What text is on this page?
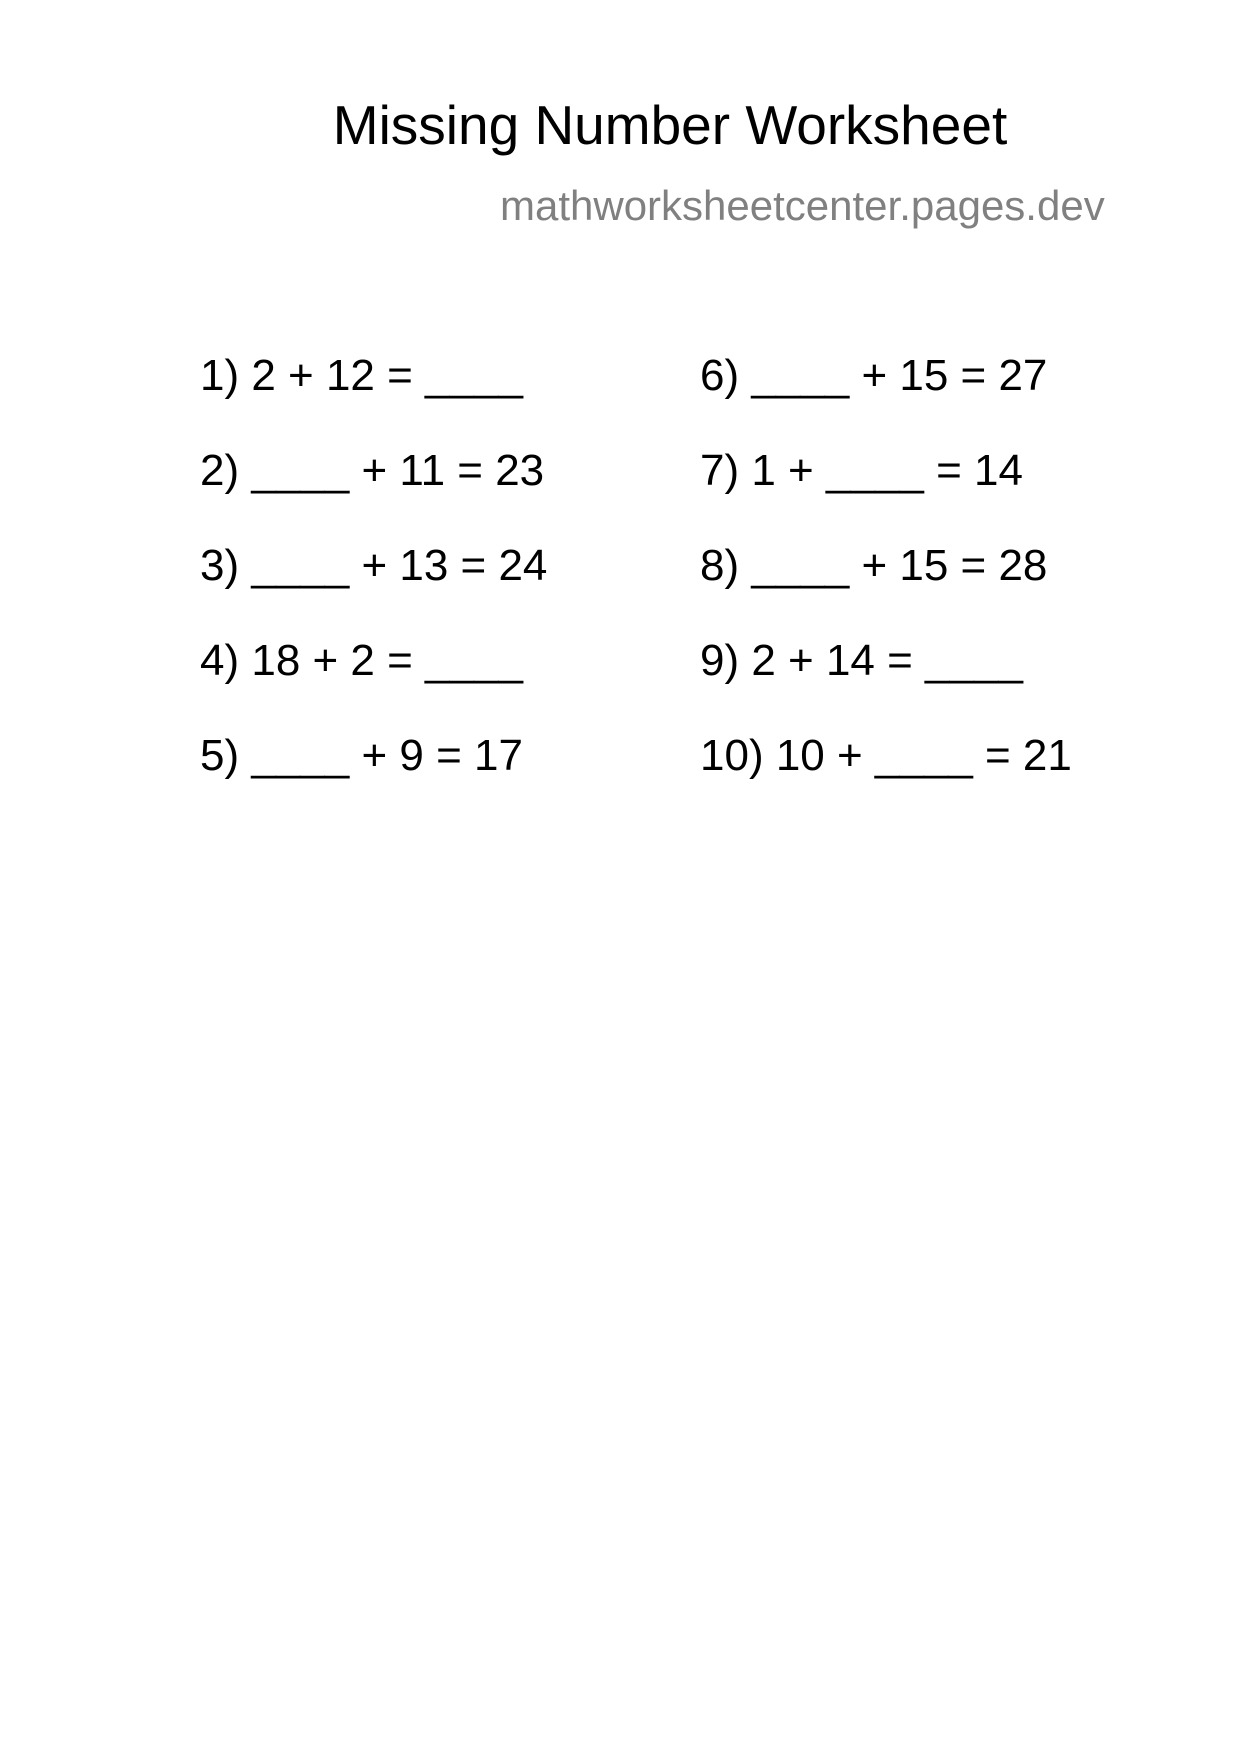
Missing Number Worksheet
mathworksheetcenter.pages.dev
1) 2 + 12 = ____
2) ____ + 11 = 23
3) ____ + 13 = 24
4) 18 + 2 = ____
5) ____ + 9 = 17
6) ____ + 15 = 27
7) 1 + ____ = 14
8) ____ + 15 = 28
9) 2 + 14 = ____
10) 10 + ____ = 21
